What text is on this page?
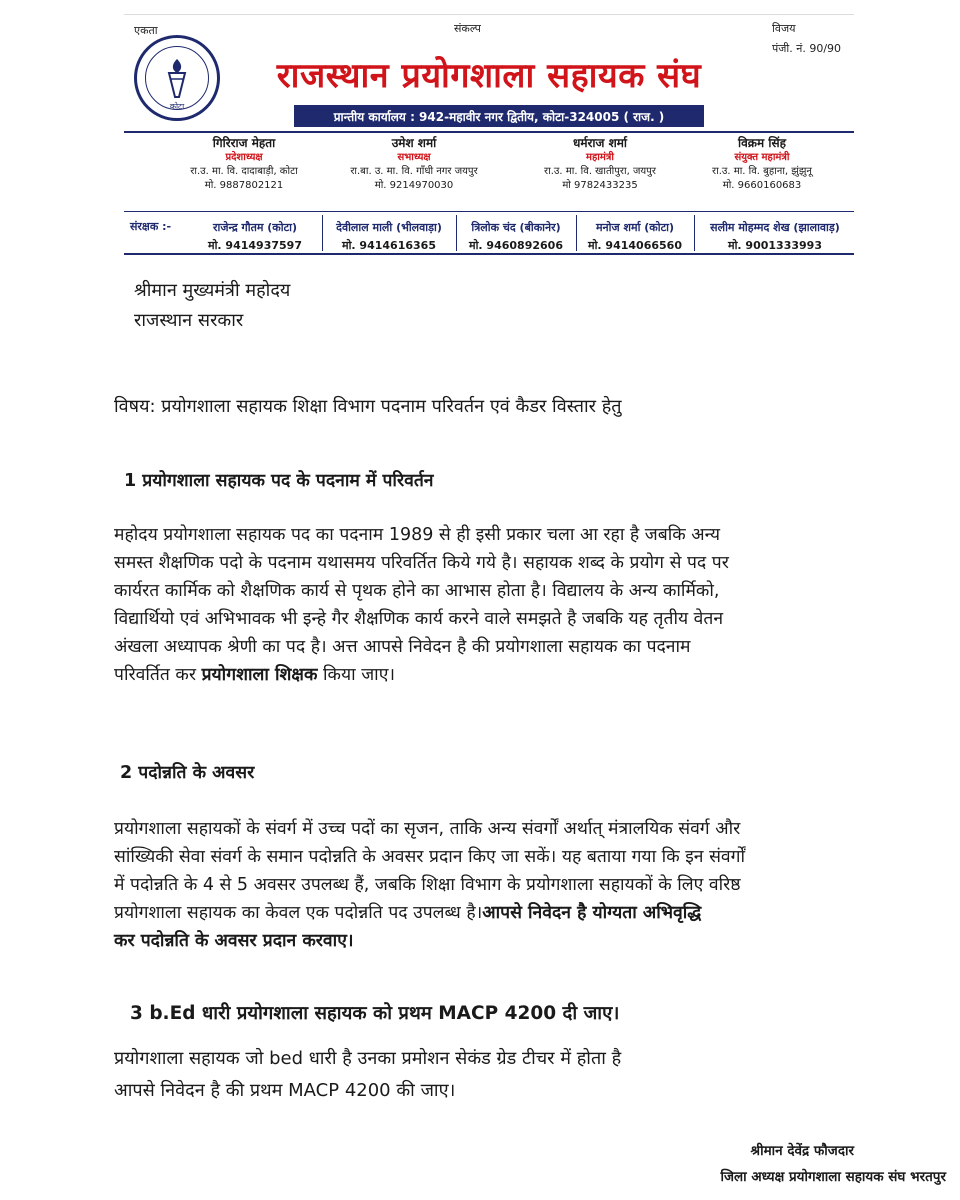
एकता	संकल्प	विजय
पंजी. नं. 90/90
कोटा
राजस्थान प्रयोगशाला सहायक संघ
प्रान्तीय कार्यालय : 942-महावीर नगर द्वितीय, कोटा-324005 ( राज. )
गिरिराज मेहता
प्रदेशाध्यक्ष
रा.उ. मा. वि. दादाबाड़ी, कोटा
मो. 9887802121
उमेश शर्मा
सभाध्यक्ष
रा.बा. उ. मा. वि. गाँधी नगर जयपुर
मो. 9214970030
धर्मराज शर्मा
महामंत्री
रा.उ. मा. वि. खातीपुरा, जयपुर
मो 9782433235
विक्रम सिंह
संयुक्त महामंत्री
रा.उ. मा. वि. बुहाना, झुंझुनू
मो. 9660160683
संरक्षक :-	राजेन्द्र गौतम (कोटा)
मो. 9414937597
देवीलाल माली (भीलवाड़ा)
मो. 9414616365
त्रिलोक चंद (बीकानेर)
मो. 9460892606
मनोज शर्मा (कोटा)
मो. 9414066560
सलीम मोहम्मद शेख (झालावाड़)
मो. 9001333993
श्रीमान मुख्यमंत्री महोदय
राजस्थान सरकार
विषय: प्रयोगशाला सहायक शिक्षा विभाग पदनाम परिवर्तन एवं कैडर विस्तार हेतु
1 प्रयोगशाला सहायक पद के पदनाम में परिवर्तन
महोदय प्रयोगशाला सहायक पद का पदनाम 1989 से ही इसी प्रकार चला आ रहा है जबकि अन्य
समस्त शैक्षणिक पदो के पदनाम यथासमय परिवर्तित किये गये है। सहायक शब्द के प्रयोग से पद पर
कार्यरत कार्मिक को शैक्षणिक कार्य से पृथक होने का आभास होता है। विद्यालय के अन्य कार्मिको,
विद्यार्थियो एवं अभिभावक भी इन्हे गैर शैक्षणिक कार्य करने वाले समझते है जबकि यह तृतीय वेतन
अंखला अध्यापक श्रेणी का पद है। अत्त आपसे निवेदन है की प्रयोगशाला सहायक का पदनाम
परिवर्तित कर प्रयोगशाला शिक्षक किया जाए।
2 पदोन्नति के अवसर
प्रयोगशाला सहायकों के संवर्ग में उच्च पदों का सृजन, ताकि अन्य संवर्गों अर्थात् मंत्रालयिक संवर्ग और
सांख्यिकी सेवा संवर्ग के समान पदोन्नति के अवसर प्रदान किए जा सकें। यह बताया गया कि इन संवर्गों
में पदोन्नति के 4 से 5 अवसर उपलब्ध हैं, जबकि शिक्षा विभाग के प्रयोगशाला सहायकों के लिए वरिष्ठ
प्रयोगशाला सहायक का केवल एक पदोन्नति पद उपलब्ध है।आपसे निवेदन है योग्यता अभिवृद्धि
कर पदोन्नति के अवसर प्रदान करवाए।
3 b.Ed धारी प्रयोगशाला सहायक को प्रथम MACP 4200 दी जाए।
प्रयोगशाला सहायक जो bed धारी है उनका प्रमोशन सेकंड ग्रेड टीचर में होता है
आपसे निवेदन है की प्रथम MACP 4200 की जाए।
श्रीमान देवेंद्र फौजदार
जिला अध्यक्ष प्रयोगशाला सहायक संघ भरतपुर
